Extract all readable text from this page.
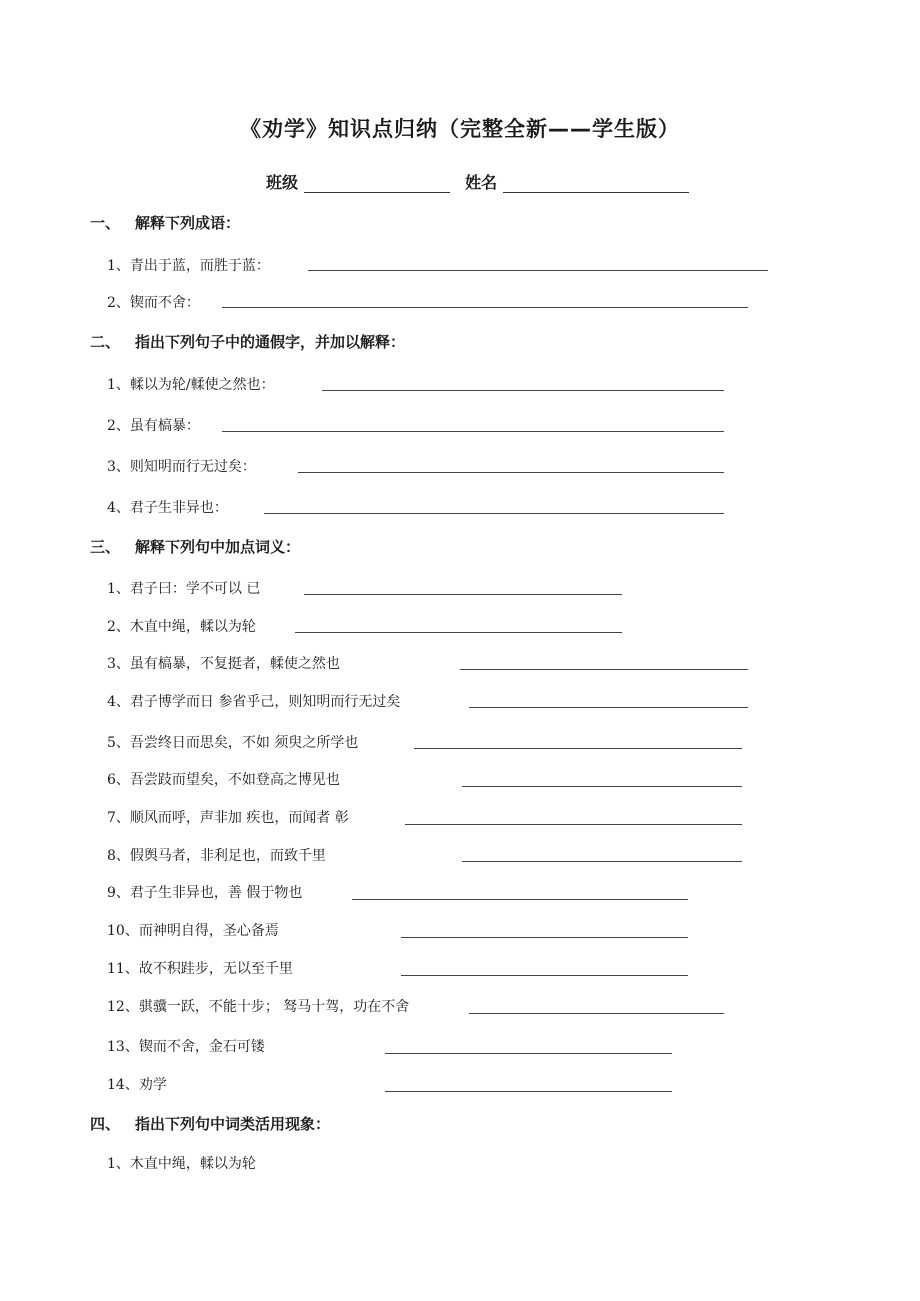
《劝学》知识点归纳（完整全新——学生版）
班级	姓名
一、 解释下列成语：
1、青出于蓝，而胜于蓝：
2、锲而不舍：
二、 指出下列句子中的通假字，并加以解释：
1、輮以为轮/輮使之然也：
2、虽有槁暴：
3、则知明而行无过矣：
4、君子生非异也：
三、 解释下列句中加点词义：
1、君子曰：学不可以 已
2、木直中绳，輮以为轮
3、虽有槁暴，不复挺者，輮使之然也
4、君子博学而日 参省乎己，则知明而行无过矣
5、吾尝终日而思矣，不如 须臾之所学也
6、吾尝跂而望矣，不如登高之博见也
7、顺风而呼，声非加 疾也，而闻者 彰
8、假舆马者，非利足也，而致千里
9、君子生非异也，善 假于物也
10、而神明自得，圣心备焉
11、故不积跬步，无以至千里
12、骐骥一跃，不能十步； 驽马十驾，功在不舍
13、锲而不舍，金石可镂
14、劝学
四、 指出下列句中词类活用现象：
1、木直中绳，輮以为轮
